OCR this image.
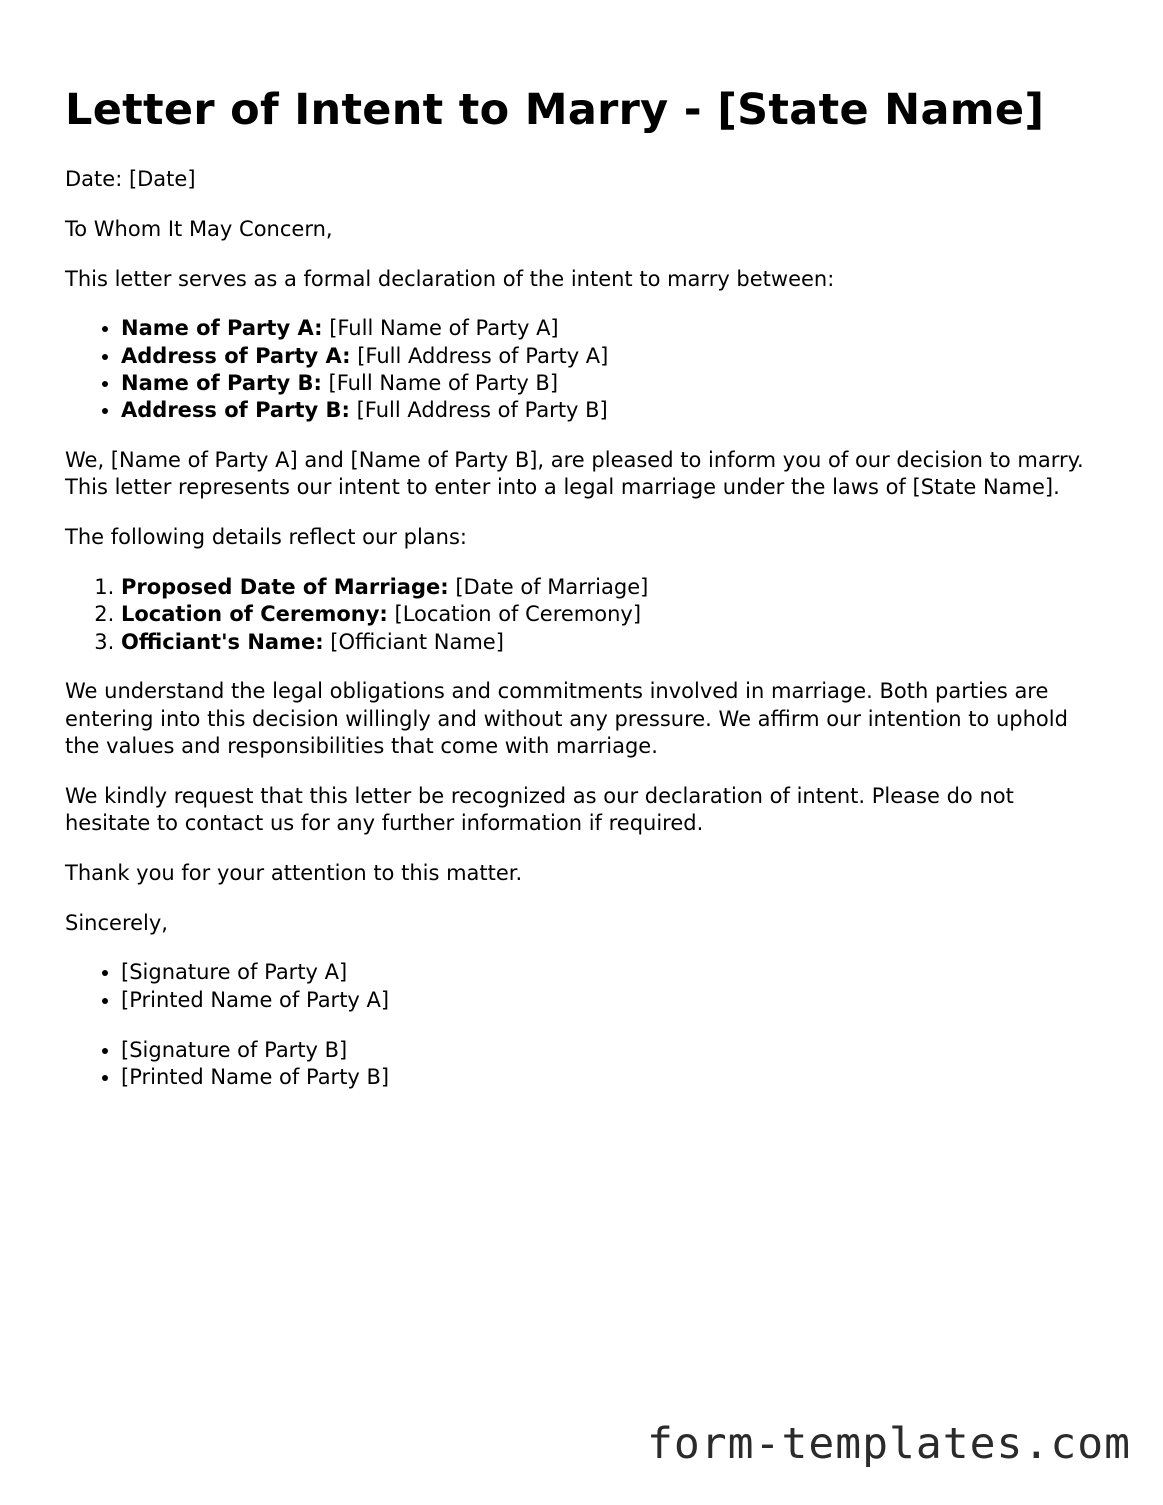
Letter of Intent to Marry - [State Name]

Date: [Date]

To Whom It May Concern,

This letter serves as a formal declaration of the intent to marry between:

• Name of Party A: [Full Name of Party A]
• Address of Party A: [Full Address of Party A]
• Name of Party B: [Full Name of Party B]
• Address of Party B: [Full Address of Party B]

We, [Name of Party A] and [Name of Party B], are pleased to inform you of our decision to marry. This letter represents our intent to enter into a legal marriage under the laws of [State Name].

The following details reflect our plans:

1. Proposed Date of Marriage: [Date of Marriage]
2. Location of Ceremony: [Location of Ceremony]
3. Officiant's Name: [Officiant Name]

We understand the legal obligations and commitments involved in marriage. Both parties are entering into this decision willingly and without any pressure. We affirm our intention to uphold the values and responsibilities that come with marriage.

We kindly request that this letter be recognized as our declaration of intent. Please do not hesitate to contact us for any further information if required.

Thank you for your attention to this matter.

Sincerely,

• [Signature of Party A]
• [Printed Name of Party A]
• [Signature of Party B]
• [Printed Name of Party B]
form-templates.com
